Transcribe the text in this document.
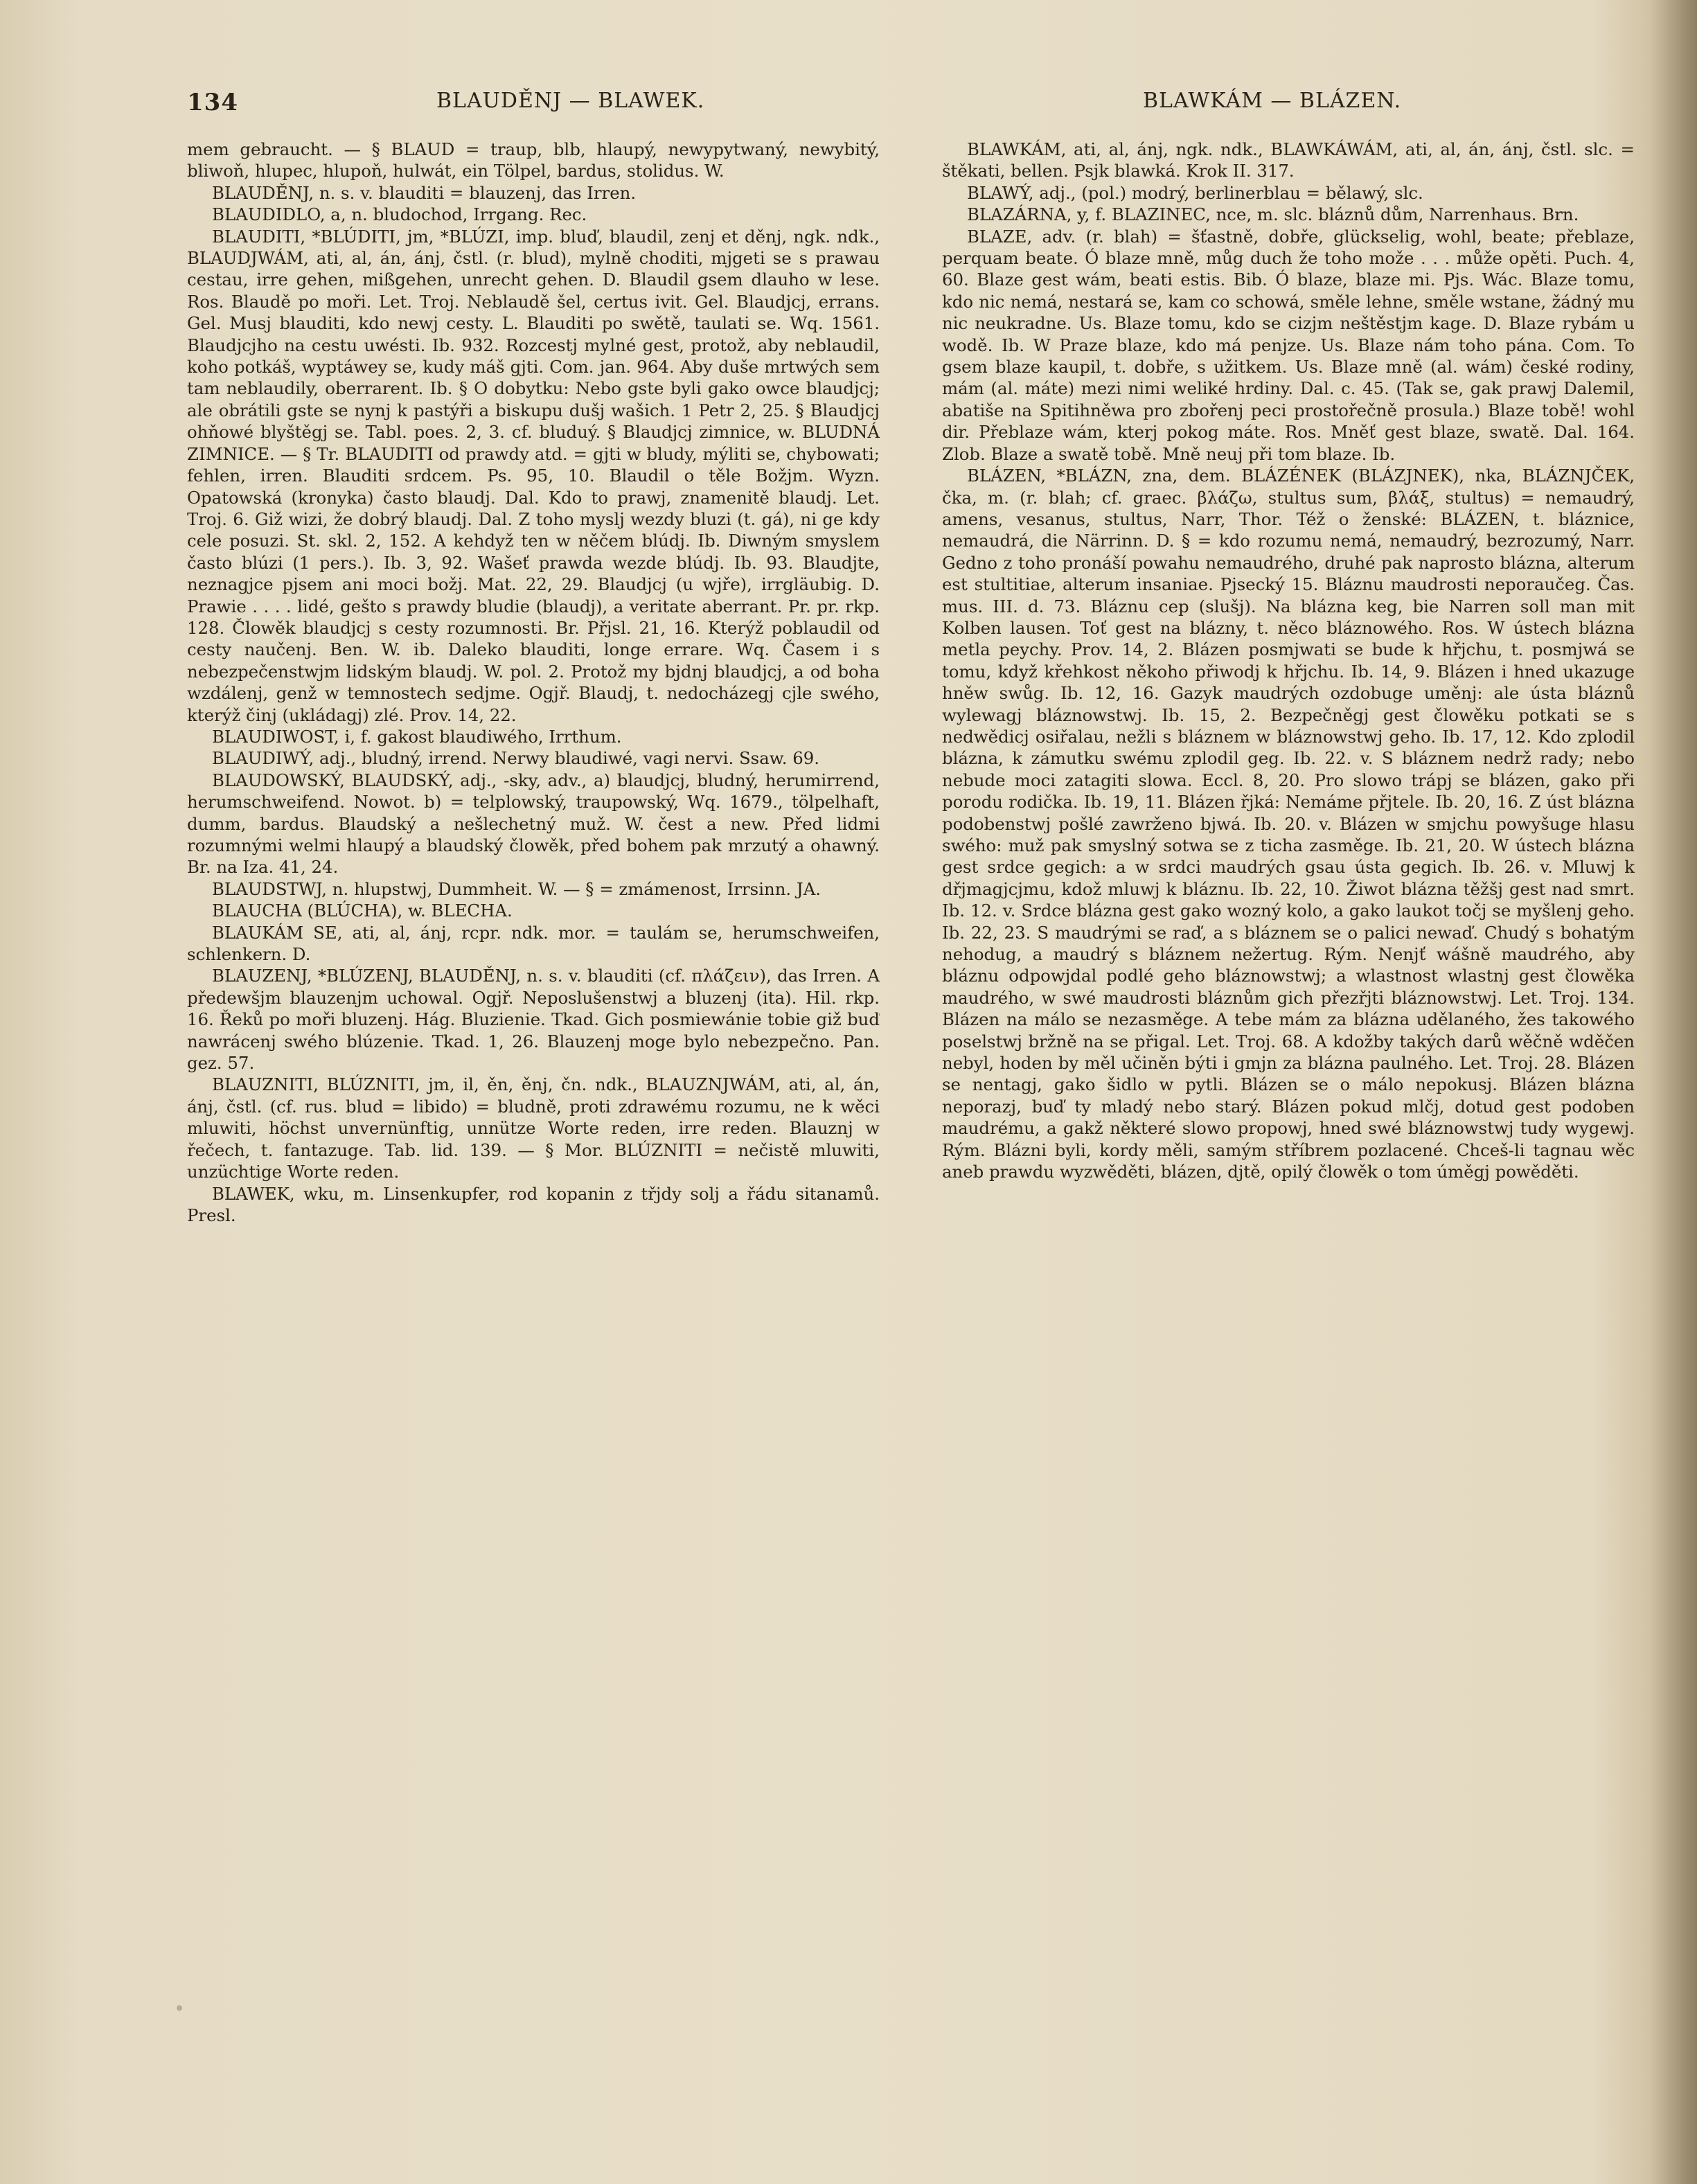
134	BLAUDĚNJ — BLAWEK.	BLAWKÁM — BLÁZEN.

mem gebraucht. — § BLAUD = traup, blb, hlaupý, newypytwaný, newybitý, bliwoň, hlupec, hlupoň, hulwát, ein Tölpel, bardus, stolidus. W.

BLAUDĚNJ, n. s. v. blauditi = blauzenj, das Irren.

BLAUDIDLO, a, n. bludochod, Irrgang. Rec.

BLAUDITI, *BLÚDITI, jm, *BLÚZI, imp. bluď, blaudil, zenj et děnj, ngk. ndk., BLAUDJWÁM, ati, al, án, ánj, čstl. (r. blud), mylně choditi, mjgeti se s prawau cestau, irre gehen, mißgehen, unrecht gehen. D. Blaudil gsem dlauho w lese. Ros. Blaudě po moři. Let. Troj. Neblaudě šel, certus ivit. Gel. Blaudjcj, errans. Gel. Musj blauditi, kdo newj cesty. L. Blauditi po swětě, taulati se. Wq. 1561. Blaudjcjho na cestu uwésti. Ib. 932. Rozcestj mylné gest, protož, aby neblaudil, koho potkáš, wyptáwey se, kudy máš gjti. Com. jan. 964. Aby duše mrtwých sem tam neblaudily, oberrarent. Ib. § O dobytku: Nebo gste byli gako owce blaudjcj; ale obrátili gste se nynj k pastýři a biskupu dušj wašich. 1 Petr 2, 25. § Blaudjcj ohňowé blyštěgj se. Tabl. poes. 2, 3. cf. bluduý. § Blaudjcj zimnice, w. BLUDNÁ ZIMNICE. — § Tr. BLAUDITI od prawdy atd. = gjti w bludy, mýliti se, chybowati; fehlen, irren. Blauditi srdcem. Ps. 95, 10. Blaudil o těle Božjm. Wyzn. Opatowská (kronyka) často blaudj. Dal. Kdo to prawj, znamenitě blaudj. Let. Troj. 6. Giž wizi, že dobrý blaudj. Dal. Z toho myslj wezdy bluzi (t. gá), ni ge kdy cele posuzi. St. skl. 2, 152. A kehdyž ten w něčem blúdj. Ib. Diwným smyslem často blúzi (1 pers.). Ib. 3, 92. Wašeť prawda wezde blúdj. Ib. 93. Blaudjte, neznagjce pjsem ani moci božj. Mat. 22, 29. Blaudjcj (u wjře), irrgläubig. D. Prawie . . . . lidé, gešto s prawdy bludie (blaudj), a veritate aberrant. Pr. pr. rkp. 128. Člowěk blaudjcj s cesty rozumnosti. Br. Přjsl. 21, 16. Kterýž poblaudil od cesty naučenj. Ben. W. ib. Daleko blauditi, longe errare. Wq. Časem i s nebezpečenstwjm lidským blaudj. W. pol. 2. Protož my bjdnj blaudjcj, a od boha wzdálenj, genž w temnostech sedjme. Ogjř. Blaudj, t. nedocházegj cjle swého, kterýž činj (ukládagj) zlé. Prov. 14, 22.

BLAUDIWOST, i, f. gakost blaudiwého, Irrthum.

BLAUDIWÝ, adj., bludný, irrend. Nerwy blaudiwé, vagi nervi. Ssaw. 69.

BLAUDOWSKÝ, BLAUDSKÝ, adj., -sky, adv., a) blaudjcj, bludný, herumirrend, herumschweifend. Nowot. b) = telplowský, traupowský, Wq. 1679., tölpelhaft, dumm, bardus. Blaudský a nešlechetný muž. W. čest a new. Před lidmi rozumnými welmi hlaupý a blaudský člowěk, před bohem pak mrzutý a ohawný. Br. na Iza. 41, 24.

BLAUDSTWJ, n. hlupstwj, Dummheit. W. — § = zmámenost, Irrsinn. JA.

BLAUCHA (BLÚCHA), w. BLECHA.

BLAUKÁM SE, ati, al, ánj, rcpr. ndk. mor. = taulám se, herumschweifen, schlenkern. D.

BLAUZENJ, *BLÚZENJ, BLAUDĚNJ, n. s. v. blauditi (cf. πλάζειν), das Irren. A předewšjm blauzenjm uchowal. Ogjř. Neposlušenstwj a bluzenj (ita). Hil. rkp. 16. Řeků po moři bluzenj. Hág. Bluzienie. Tkad. Gich posmiewánie tobie giž buď nawrácenj swého blúzenie. Tkad. 1, 26. Blauzenj moge bylo nebezpečno. Pan. gez. 57.

BLAUZNITI, BLÚZNITI, jm, il, ěn, ěnj, čn. ndk., BLAUZNJWÁM, ati, al, án, ánj, čstl. (cf. rus. blud = libido) = bludně, proti zdrawému rozumu, ne k wěci mluwiti, höchst unvernünftig, unnütze Worte reden, irre reden. Blauznj w řečech, t. fantazuge. Tab. lid. 139. — § Mor. BLÚZNITI = nečistě mluwiti, unzüchtige Worte reden.

BLAWEK, wku, m. Linsenkupfer, rod kopanin z třjdy solj a řádu sitanamů. Presl.

BLAWKÁM, ati, al, ánj, ngk. ndk., BLAWKÁWÁM, ati, al, án, ánj, čstl. slc. = štěkati, bellen. Psjk blawká. Krok II. 317.

BLAWÝ, adj., (pol.) modrý, berlinerblau = bělawý, slc.

BLAZÁRNA, y, f. BLAZINEC, nce, m. slc. bláznů dům, Narrenhaus. Brn.

BLAZE, adv. (r. blah) = šťastně, dobře, glückselig, wohl, beate; přeblaze, perquam beate. Ó blaze mně, můg duch že toho može . . . může opěti. Puch. 4, 60. Blaze gest wám, beati estis. Bib. Ó blaze, blaze mi. Pjs. Wác. Blaze tomu, kdo nic nemá, nestará se, kam co schowá, směle lehne, směle wstane, žádný mu nic neukradne. Us. Blaze tomu, kdo se cizjm neštěstjm kage. D. Blaze rybám u wodě. Ib. W Praze blaze, kdo má penjze. Us. Blaze nám toho pána. Com. To gsem blaze kaupil, t. dobře, s užitkem. Us. Blaze mně (al. wám) české rodiny, mám (al. máte) mezi nimi weliké hrdiny. Dal. c. 45. (Tak se, gak prawj Dalemil, abatiše na Spitihněwa pro zbořenj peci prostořečně prosula.) Blaze tobě! wohl dir. Přeblaze wám, kterj pokog máte. Ros. Mněť gest blaze, swatě. Dal. 164. Zlob. Blaze a swatě tobě. Mně neuj při tom blaze. Ib.

BLÁZEN, *BLÁZN, zna, dem. BLÁZÉNEK (BLÁZJNEK), nka, BLÁZNJČEK, čka, m. (r. blah; cf. graec. βλάζω, stultus sum, βλάξ, stultus) = nemaudrý, amens, vesanus, stultus, Narr, Thor. Též o ženské: BLÁZEN, t. bláznice, nemaudrá, die Närrinn. D. § = kdo rozumu nemá, nemaudrý, bezrozumý, Narr. Gedno z toho pronáší powahu nemaudrého, druhé pak naprosto blázna, alterum est stultitiae, alterum insaniae. Pjsecký 15. Bláznu maudrosti neporaučeg. Čas. mus. III. d. 73. Bláznu cep (slušj). Na blázna keg, bie Narren soll man mit Kolben lausen. Toť gest na blázny, t. něco bláznowého. Ros. W ústech blázna metla peychy. Prov. 14, 2. Blázen posmjwati se bude k hřjchu, t. posmjwá se tomu, když křehkost někoho přiwodj k hřjchu. Ib. 14, 9. Blázen i hned ukazuge hněw swůg. Ib. 12, 16. Gazyk maudrých ozdobuge uměnj: ale ústa bláznů wylewagj bláznowstwj. Ib. 15, 2. Bezpečněgj gest člowěku potkati se s nedwědicj osiřalau, nežli s bláznem w bláznowstwj geho. Ib. 17, 12. Kdo zplodil blázna, k zámutku swému zplodil geg. Ib. 22. v. S bláznem nedrž rady; nebo nebude moci zatagiti slowa. Eccl. 8, 20. Pro slowo trápj se blázen, gako při porodu rodička. Ib. 19, 11. Blázen řjká: Nemáme přjtele. Ib. 20, 16. Z úst blázna podobenstwj pošlé zawrženo bjwá. Ib. 20. v. Blázen w smjchu powyšuge hlasu swého: muž pak smyslný sotwa se z ticha zasměge. Ib. 21, 20. W ústech blázna gest srdce gegich: a w srdci maudrých gsau ústa gegich. Ib. 26. v. Mluwj k dřjmagjcjmu, kdož mluwj k bláznu. Ib. 22, 10. Žiwot blázna těžšj gest nad smrt. Ib. 12. v. Srdce blázna gest gako wozný kolo, a gako laukot točj se myšlenj geho. Ib. 22, 23. S maudrými se raď, a s bláznem se o palici newaď. Chudý s bohatým nehodug, a maudrý s bláznem nežertug. Rým. Nenjť wášně maudrého, aby bláznu odpowjdal podlé geho bláznowstwj; a wlastnost wlastnj gest člowěka maudrého, w swé maudrosti bláznům gich přezřjti bláznowstwj. Let. Troj. 134. Blázen na málo se nezasměge. A tebe mám za blázna udělaného, žes takowého poselstwj bržně na se přigal. Let. Troj. 68. A kdožby takých darů wěčně wděčen nebyl, hoden by měl učiněn býti i gmjn za blázna paulného. Let. Troj. 28. Blázen se nentagj, gako šidlo w pytli. Blázen se o málo nepokusj. Blázen blázna neporazj, buď ty mladý nebo starý. Blázen pokud mlčj, dotud gest podoben maudrému, a gakž některé slowo propowj, hned swé bláznowstwj tudy wygewj. Rým. Blázni byli, kordy měli, samým stříbrem pozlacené. Chceš-li tagnau wěc aneb prawdu wyzwěděti, blázen, djtě, opilý člowěk o tom úměgj powěděti.
